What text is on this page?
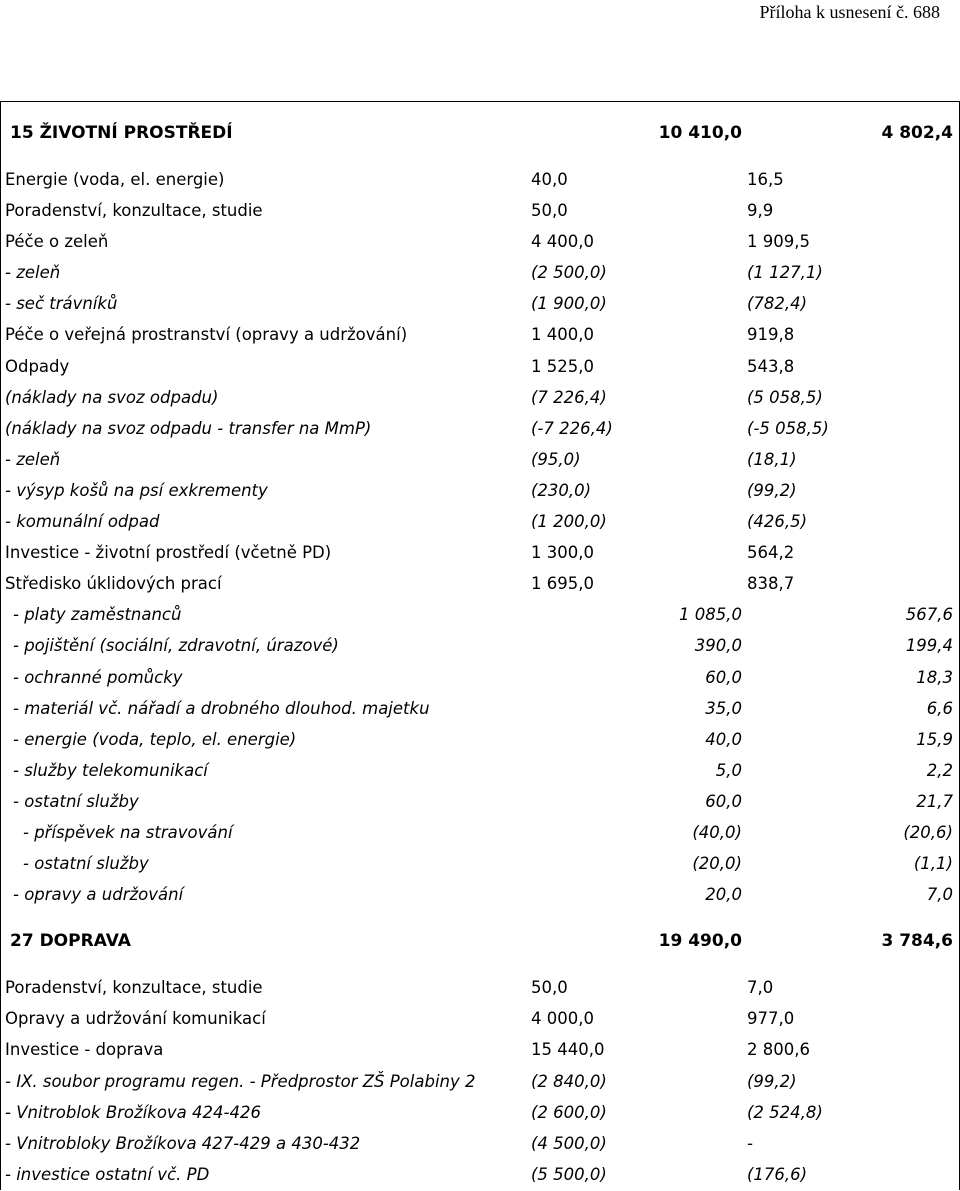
Příloha k usnesení č. 688
15 ŽIVOTNÍ PROSTŘEDÍ	10 410,0	4 802,4
Energie (voda, el. energie)	40,0	16,5
Poradenství, konzultace, studie	50,0	9,9
Péče o zeleň	4 400,0	1 909,5
- zeleň	(2 500,0)	(1 127,1)
- seč trávníků	(1 900,0)	(782,4)
Péče o veřejná prostranství (opravy a udržování)	1 400,0	919,8
Odpady	1 525,0	543,8
(náklady na svoz odpadu)	(7 226,4)	(5 058,5)
(náklady na svoz odpadu - transfer na MmP)	(-7 226,4)	(-5 058,5)
- zeleň	(95,0)	(18,1)
- výsyp košů na psí exkrementy	(230,0)	(99,2)
- komunální odpad	(1 200,0)	(426,5)
Investice - životní prostředí (včetně PD)	1 300,0	564,2
Středisko úklidových prací	1 695,0	838,7
- platy zaměstnanců	1 085,0	567,6
- pojištění (sociální, zdravotní, úrazové)	390,0	199,4
- ochranné pomůcky	60,0	18,3
- materiál vč. nářadí a drobného dlouhod. majetku	35,0	6,6
- energie (voda, teplo, el. energie)	40,0	15,9
- služby telekomunikací	5,0	2,2
- ostatní služby	60,0	21,7
- příspěvek na stravování	(40,0)	(20,6)
- ostatní služby	(20,0)	(1,1)
- opravy a udržování	20,0	7,0
27 DOPRAVA	19 490,0	3 784,6
Poradenství, konzultace, studie	50,0	7,0
Opravy a udržování komunikací	4 000,0	977,0
Investice - doprava	15 440,0	2 800,6
- IX. soubor programu regen. - Předprostor ZŠ Polabiny 2	(2 840,0)	(99,2)
- Vnitroblok Brožíkova 424-426	(2 600,0)	(2 524,8)
- Vnitrobloky Brožíkova 427-429 a 430-432	(4 500,0)	-
- investice ostatní vč. PD	(5 500,0)	(176,6)
